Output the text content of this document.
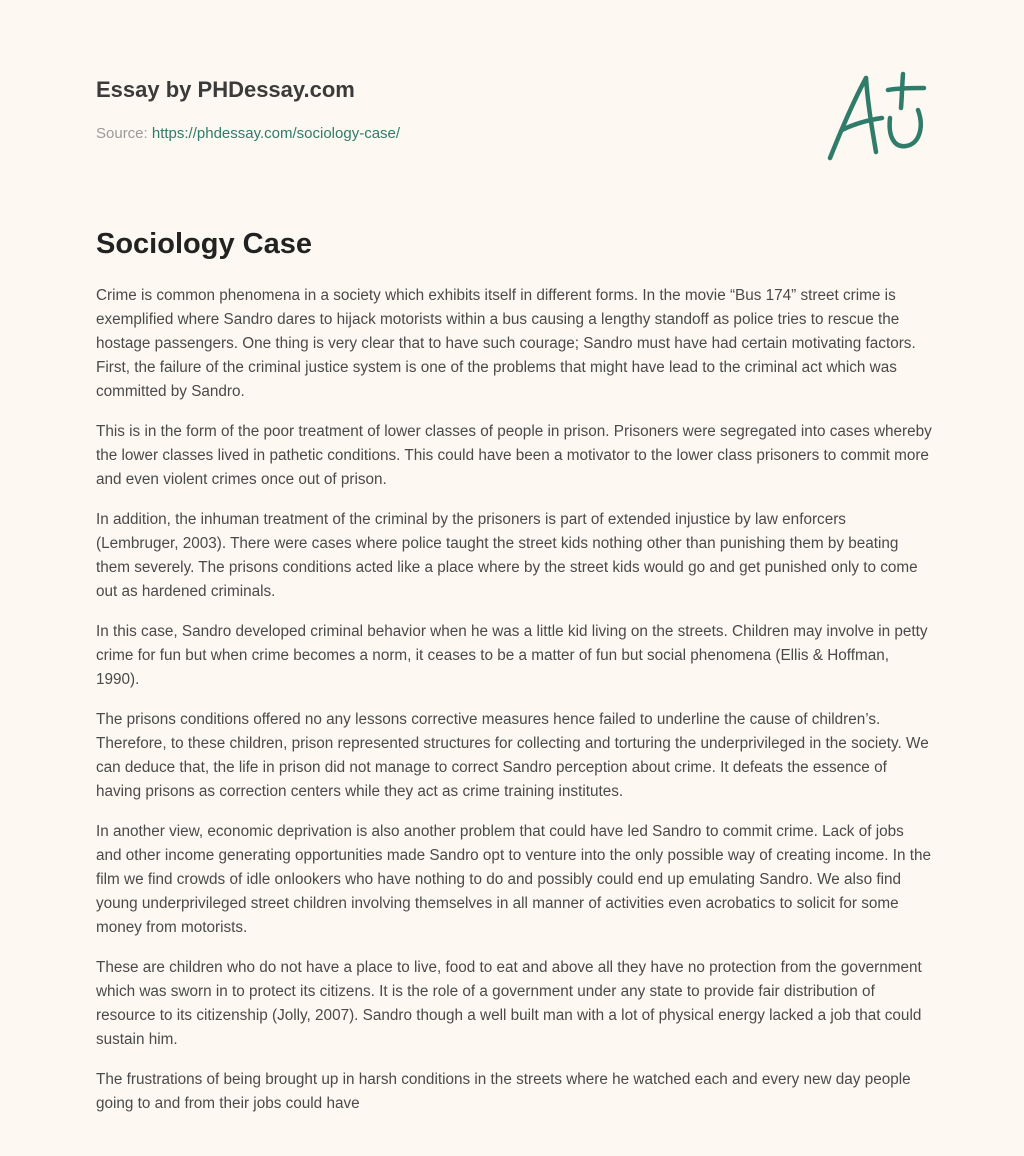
Essay by PHDessay.com
Source: https://phdessay.com/sociology-case/
Sociology Case

Crime is common phenomena in a society which exhibits itself in different forms. In the movie “Bus 174” street crime is exemplified where Sandro dares to hijack motorists within a bus causing a lengthy standoff as police tries to rescue the hostage passengers. One thing is very clear that to have such courage; Sandro must have had certain motivating factors. First, the failure of the criminal justice system is one of the problems that might have lead to the criminal act which was committed by Sandro.

This is in the form of the poor treatment of lower classes of people in prison. Prisoners were segregated into cases whereby the lower classes lived in pathetic conditions. This could have been a motivator to the lower class prisoners to commit more and even violent crimes once out of prison.

In addition, the inhuman treatment of the criminal by the prisoners is part of extended injustice by law enforcers (Lembruger, 2003). There were cases where police taught the street kids nothing other than punishing them by beating them severely. The prisons conditions acted like a place where by the street kids would go and get punished only to come out as hardened criminals.

In this case, Sandro developed criminal behavior when he was a little kid living on the streets. Children may involve in petty crime for fun but when crime becomes a norm, it ceases to be a matter of fun but social phenomena (Ellis & Hoffman, 1990).

The prisons conditions offered no any lessons corrective measures hence failed to underline the cause of children’s. Therefore, to these children, prison represented structures for collecting and torturing the underprivileged in the society. We can deduce that, the life in prison did not manage to correct Sandro perception about crime. It defeats the essence of having prisons as correction centers while they act as crime training institutes.

In another view, economic deprivation is also another problem that could have led Sandro to commit crime. Lack of jobs and other income generating opportunities made Sandro opt to venture into the only possible way of creating income. In the film we find crowds of idle onlookers who have nothing to do and possibly could end up emulating Sandro. We also find young underprivileged street children involving themselves in all manner of activities even acrobatics to solicit for some money from motorists.

These are children who do not have a place to live, food to eat and above all they have no protection from the government which was sworn in to protect its citizens. It is the role of a government under any state to provide fair distribution of resource to its citizenship (Jolly, 2007). Sandro though a well built man with a lot of physical energy lacked a job that could sustain him.

The frustrations of being brought up in harsh conditions in the streets where he watched each and every new day people going to and from their jobs could have
